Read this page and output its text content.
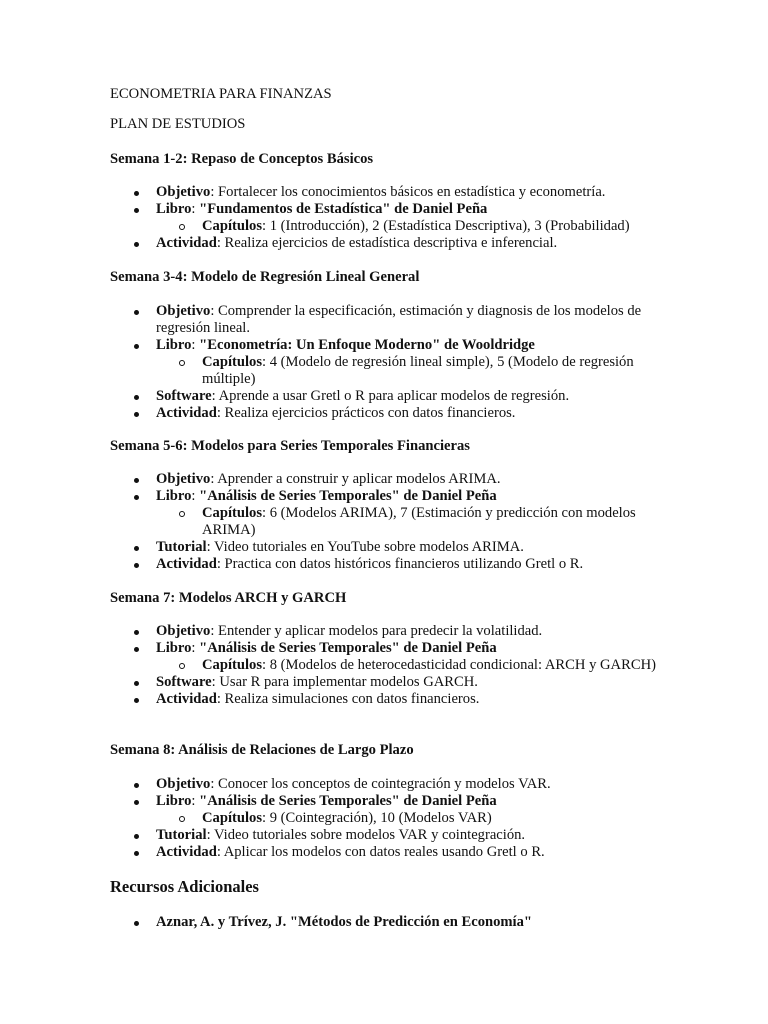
ECONOMETRIA PARA FINANZAS

PLAN DE ESTUDIOS

Semana 1-2: Repaso de Conceptos Básicos

Objetivo: Fortalecer los conocimientos básicos en estadística y econometría.
Libro: "Fundamentos de Estadística" de Daniel Peña
Capítulos: 1 (Introducción), 2 (Estadística Descriptiva), 3 (Probabilidad)
Actividad: Realiza ejercicios de estadística descriptiva e inferencial.

Semana 3-4: Modelo de Regresión Lineal General

Objetivo: Comprender la especificación, estimación y diagnosis de los modelos de regresión lineal.
Libro: "Econometría: Un Enfoque Moderno" de Wooldridge
Capítulos: 4 (Modelo de regresión lineal simple), 5 (Modelo de regresión múltiple)
Software: Aprende a usar Gretl o R para aplicar modelos de regresión.
Actividad: Realiza ejercicios prácticos con datos financieros.

Semana 5-6: Modelos para Series Temporales Financieras

Objetivo: Aprender a construir y aplicar modelos ARIMA.
Libro: "Análisis de Series Temporales" de Daniel Peña
Capítulos: 6 (Modelos ARIMA), 7 (Estimación y predicción con modelos ARIMA)
Tutorial: Video tutoriales en YouTube sobre modelos ARIMA.
Actividad: Practica con datos históricos financieros utilizando Gretl o R.

Semana 7: Modelos ARCH y GARCH

Objetivo: Entender y aplicar modelos para predecir la volatilidad.
Libro: "Análisis de Series Temporales" de Daniel Peña
Capítulos: 8 (Modelos de heterocedasticidad condicional: ARCH y GARCH)
Software: Usar R para implementar modelos GARCH.
Actividad: Realiza simulaciones con datos financieros.

Semana 8: Análisis de Relaciones de Largo Plazo

Objetivo: Conocer los conceptos de cointegración y modelos VAR.
Libro: "Análisis de Series Temporales" de Daniel Peña
Capítulos: 9 (Cointegración), 10 (Modelos VAR)
Tutorial: Video tutoriales sobre modelos VAR y cointegración.
Actividad: Aplicar los modelos con datos reales usando Gretl o R.

Recursos Adicionales

Aznar, A. y Trívez, J. "Métodos de Predicción en Economía"
